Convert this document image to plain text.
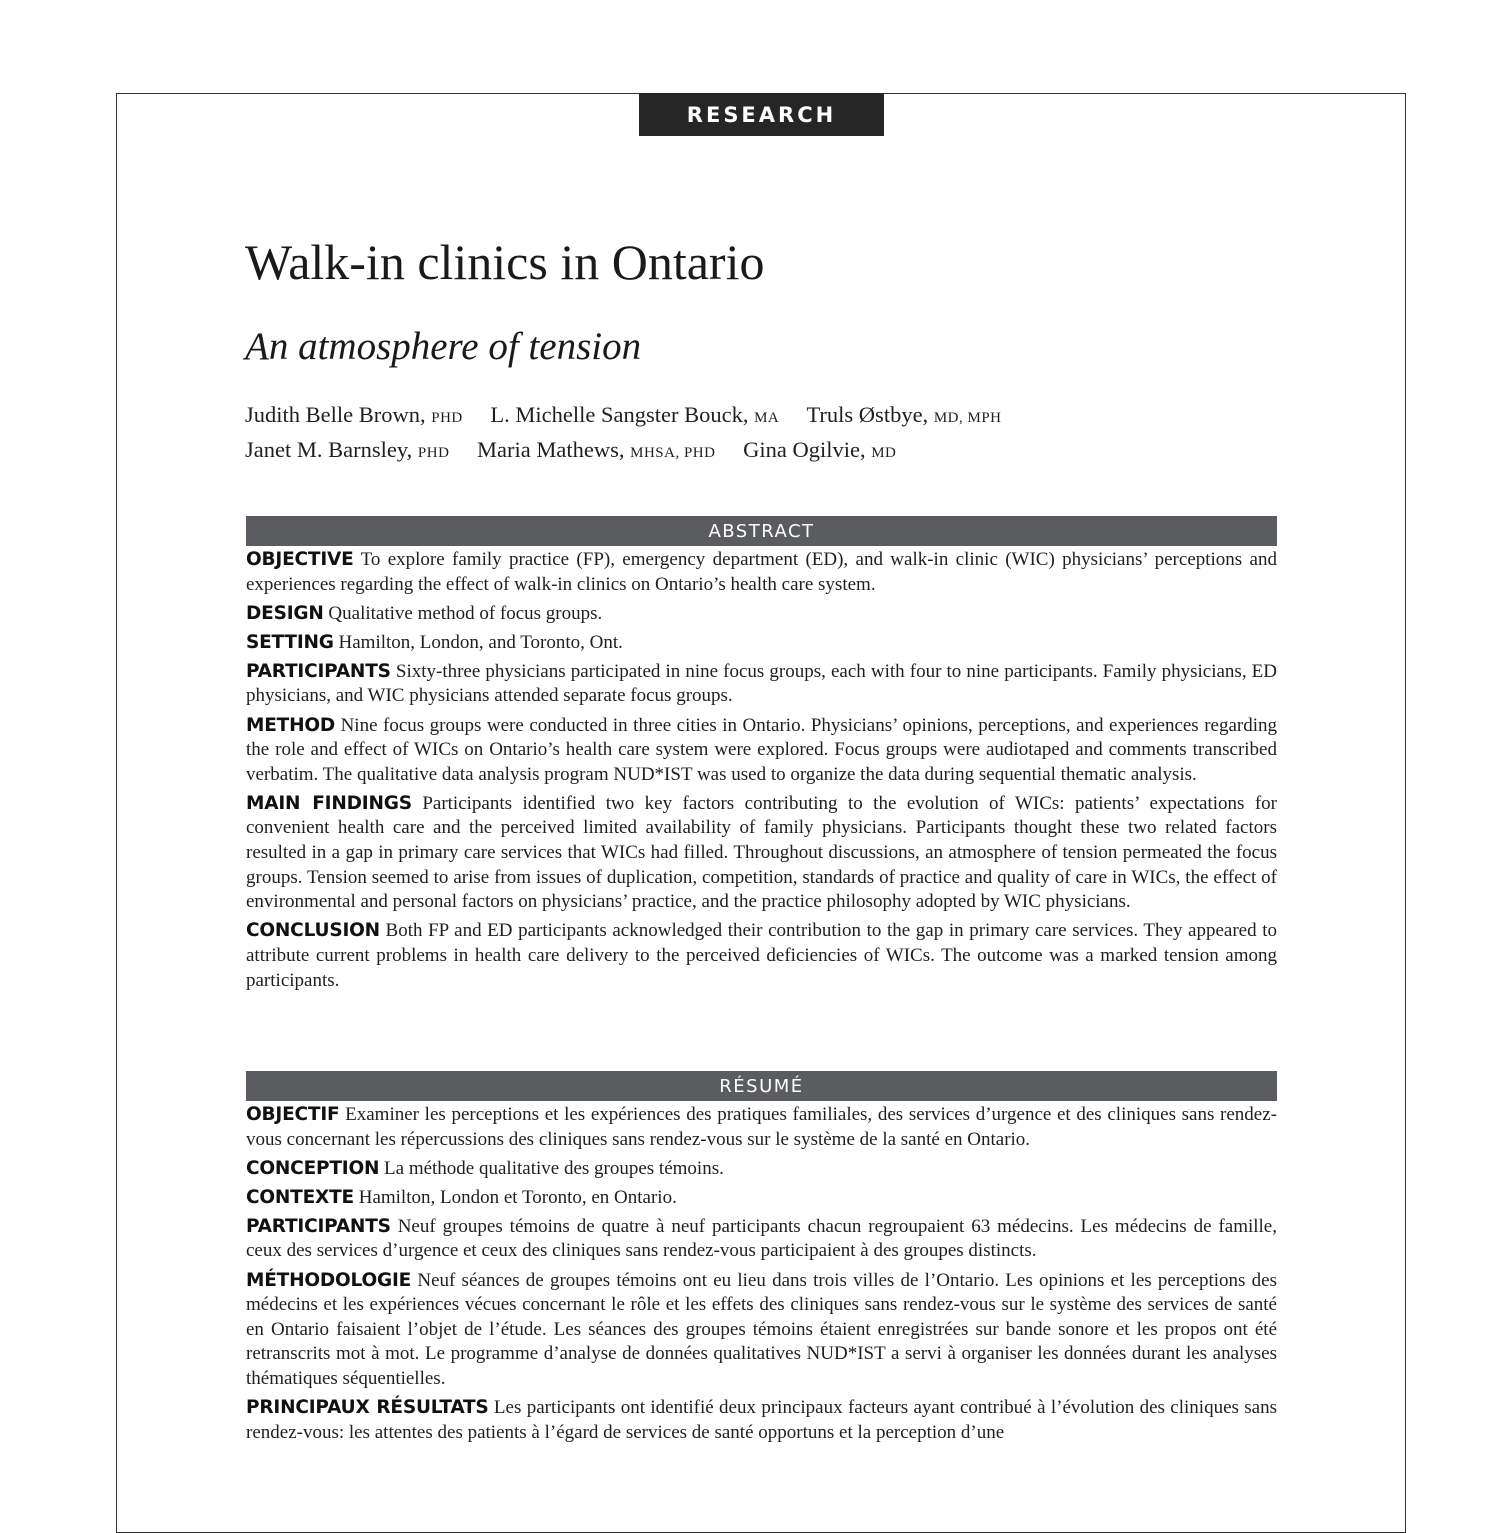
RESEARCH
Walk-in clinics in Ontario
An atmosphere of tension
Judith Belle Brown, PHD L. Michelle Sangster Bouck, MA Truls Østbye, MD, MPH
Janet M. Barnsley, PHD Maria Mathews, MHSA, PHD Gina Ogilvie, MD
ABSTRACT

OBJECTIVE To explore family practice (FP), emergency department (ED), and walk-in clinic (WIC) physicians’ perceptions and experiences regarding the effect of walk-in clinics on Ontario’s health care system.

DESIGN Qualitative method of focus groups.

SETTING Hamilton, London, and Toronto, Ont.

PARTICIPANTS Sixty-three physicians participated in nine focus groups, each with four to nine participants. Family physicians, ED physicians, and WIC physicians attended separate focus groups.

METHOD Nine focus groups were conducted in three cities in Ontario. Physicians’ opinions, perceptions, and experiences regarding the role and effect of WICs on Ontario’s health care system were explored. Focus groups were audiotaped and comments transcribed verbatim. The qualitative data analysis program NUD*IST was used to organize the data during sequential thematic analysis.

MAIN FINDINGS Participants identified two key factors contributing to the evolution of WICs: patients’ expectations for convenient health care and the perceived limited availability of family physicians. Participants thought these two related factors resulted in a gap in primary care services that WICs had filled. Throughout discussions, an atmosphere of tension permeated the focus groups. Tension seemed to arise from issues of duplication, competition, standards of practice and quality of care in WICs, the effect of environmental and personal factors on physicians’ practice, and the practice philosophy adopted by WIC physicians.

CONCLUSION Both FP and ED participants acknowledged their contribution to the gap in primary care services. They appeared to attribute current problems in health care delivery to the perceived deficiencies of WICs. The outcome was a marked tension among participants.

RÉSUMÉ

OBJECTIF Examiner les perceptions et les expériences des pratiques familiales, des services d’urgence et des cliniques sans rendez-vous concernant les répercussions des cliniques sans rendez-vous sur le système de la santé en Ontario.

CONCEPTION La méthode qualitative des groupes témoins.

CONTEXTE Hamilton, London et Toronto, en Ontario.

PARTICIPANTS Neuf groupes témoins de quatre à neuf participants chacun regroupaient 63 médecins. Les médecins de famille, ceux des services d’urgence et ceux des cliniques sans rendez-vous participaient à des groupes distincts.

MÉTHODOLOGIE Neuf séances de groupes témoins ont eu lieu dans trois villes de l’Ontario. Les opinions et les perceptions des médecins et les expériences vécues concernant le rôle et les effets des cliniques sans rendez-vous sur le système des services de santé en Ontario faisaient l’objet de l’étude. Les séances des groupes témoins étaient enregistrées sur bande sonore et les propos ont été retranscrits mot à mot. Le programme d’analyse de données qualitatives NUD*IST a servi à organiser les données durant les analyses thématiques séquentielles.

PRINCIPAUX RÉSULTATS Les participants ont identifié deux principaux facteurs ayant contribué à l’évolution des cliniques sans rendez-vous: les attentes des patients à l’égard de services de santé opportuns et la perception d’une
